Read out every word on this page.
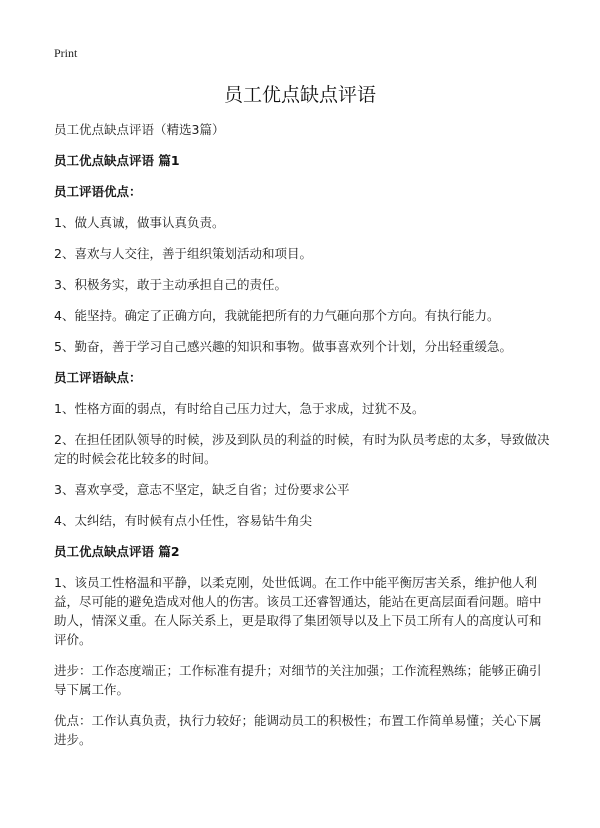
Print
员工优点缺点评语

员工优点缺点评语（精选3篇）

员工优点缺点评语 篇1

员工评语优点：

1、做人真诚，做事认真负责。

2、喜欢与人交往，善于组织策划活动和项目。

3、积极务实，敢于主动承担自己的责任。

4、能坚持。确定了正确方向，我就能把所有的力气砸向那个方向。有执行能力。

5、勤奋，善于学习自己感兴趣的知识和事物。做事喜欢列个计划，分出轻重缓急。

员工评语缺点：

1、性格方面的弱点，有时给自己压力过大，急于求成，过犹不及。

2、在担任团队领导的时候，涉及到队员的利益的时候，有时为队员考虑的太多，导致做决定的时候会花比较多的时间。

3、喜欢享受，意志不坚定，缺乏自省；过份要求公平

4、太纠结，有时候有点小任性，容易钻牛角尖

员工优点缺点评语 篇2

1、该员工性格温和平静，以柔克刚，处世低调。在工作中能平衡厉害关系，维护他人利益，尽可能的避免造成对他人的伤害。该员工还睿智通达，能站在更高层面看问题。暗中助人，情深义重。在人际关系上，更是取得了集团领导以及上下员工所有人的高度认可和评价。

进步：工作态度端正；工作标准有提升；对细节的关注加强；工作流程熟练；能够正确引导下属工作。

优点：工作认真负责，执行力较好；能调动员工的积极性；布置工作简单易懂；关心下属进步。
